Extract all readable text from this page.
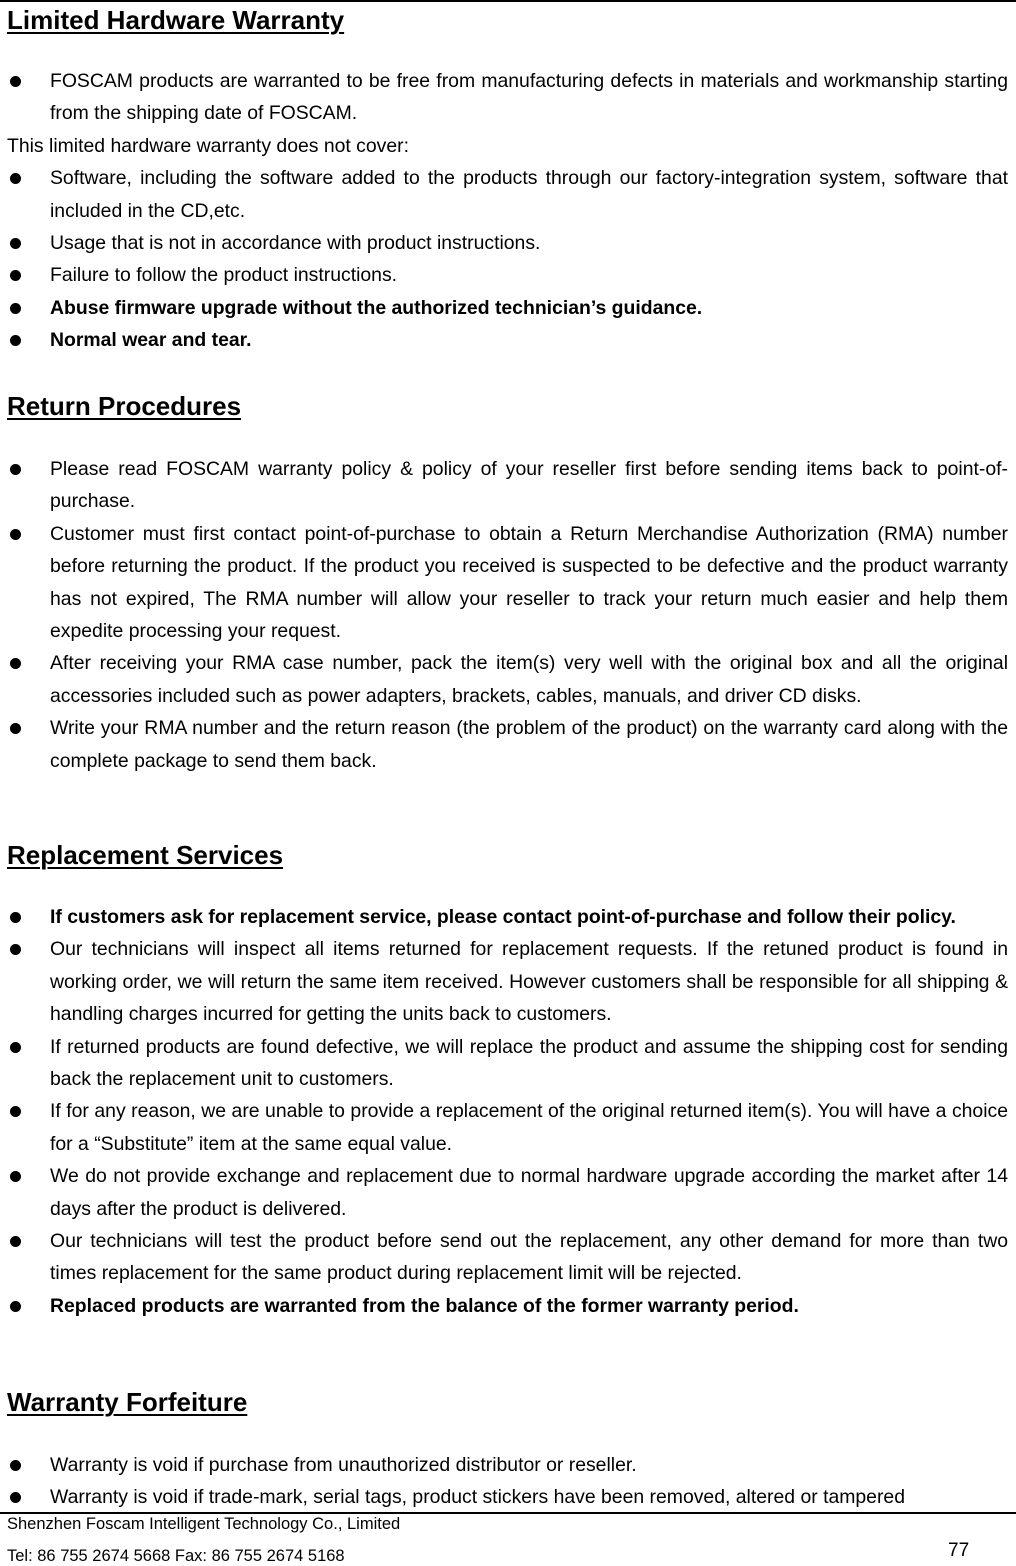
Limited Hardware Warranty
FOSCAM products are warranted to be free from manufacturing defects in materials and workmanship starting from the shipping date of FOSCAM.
This limited hardware warranty does not cover:
Software, including the software added to the products through our factory-integration system, software that included in the CD,etc.
Usage that is not in accordance with product instructions.
Failure to follow the product instructions.
Abuse firmware upgrade without the authorized technician’s guidance.
Normal wear and tear.
Return Procedures
Please read FOSCAM warranty policy & policy of your reseller first before sending items back to point-of-purchase.
Customer must first contact point-of-purchase to obtain a Return Merchandise Authorization (RMA) number before returning the product. If the product you received is suspected to be defective and the product warranty has not expired, The RMA number will allow your reseller to track your return much easier and help them expedite processing your request.
After receiving your RMA case number, pack the item(s) very well with the original box and all the original accessories included such as power adapters, brackets, cables, manuals, and driver CD disks.
Write your RMA number and the return reason (the problem of the product) on the warranty card along with the complete package to send them back.
Replacement Services
If customers ask for replacement service, please contact point-of-purchase and follow their policy.
Our technicians will inspect all items returned for replacement requests. If the retuned product is found in working order, we will return the same item received. However customers shall be responsible for all shipping & handling charges incurred for getting the units back to customers.
If returned products are found defective, we will replace the product and assume the shipping cost for sending back the replacement unit to customers.
If for any reason, we are unable to provide a replacement of the original returned item(s). You will have a choice for a “Substitute” item at the same equal value.
We do not provide exchange and replacement due to normal hardware upgrade according the market after 14 days after the product is delivered.
Our technicians will test the product before send out the replacement, any other demand for more than two times replacement for the same product during replacement limit will be rejected.
Replaced products are warranted from the balance of the former warranty period.
Warranty Forfeiture
Warranty is void if purchase from unauthorized distributor or reseller.
Warranty is void if trade-mark, serial tags, product stickers have been removed, altered or tampered
Shenzhen Foscam Intelligent Technology Co., Limited
Tel: 86 755 2674 5668 Fax: 86 755 2674 5168	77
